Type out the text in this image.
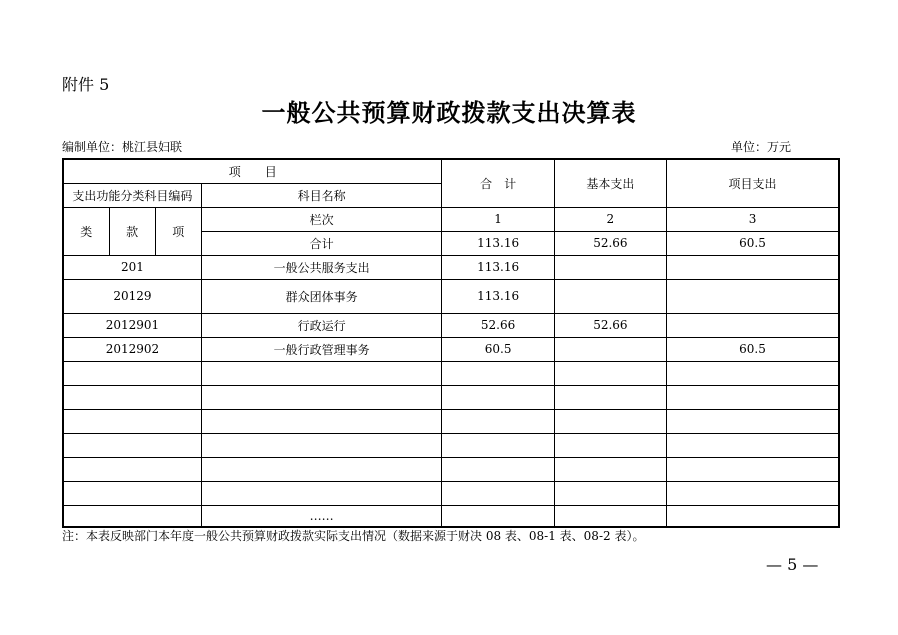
附件 5
一般公共预算财政拨款支出决算表
编制单位：桃江县妇联	单位：万元
项　　目				合　计	基本支出	项目支出
支出功能分类科目编码			科目名称			
类	款	项	栏次	1	2	3
			合计	113.16	52.66	60.5
201			一般公共服务支出	113.16		
20129			群众团体事务	113.16		
2012901			行政运行	52.66	52.66	
2012902			一般行政管理事务	60.5		60.5

			……			
注：本表反映部门本年度一般公共预算财政拨款实际支出情况（数据来源于财决 08 表、08-1 表、08-2 表）。
— 5 —
